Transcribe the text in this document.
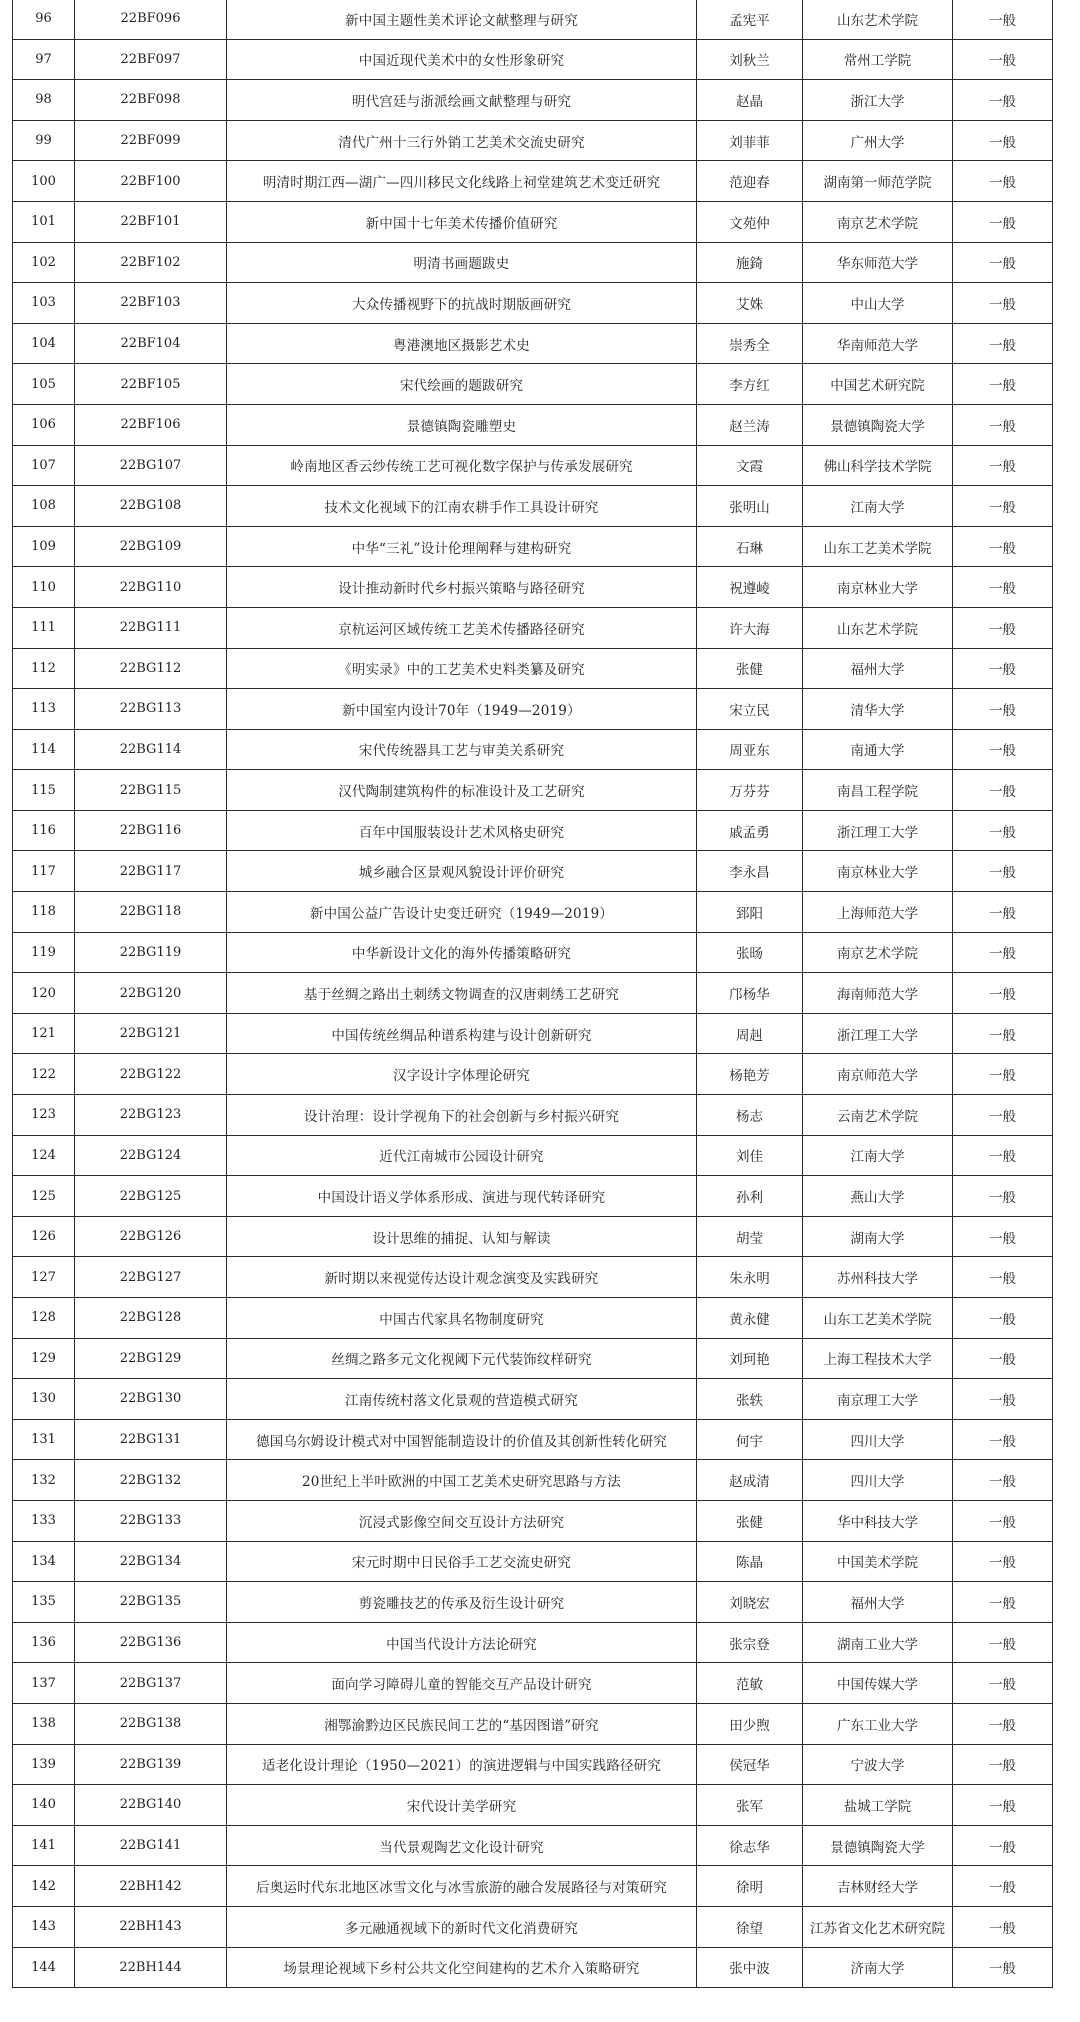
96	22BF096	新中国主题性美术评论文献整理与研究	孟宪平	山东艺术学院	一般
97	22BF097	中国近现代美术中的女性形象研究	刘秋兰	常州工学院	一般
98	22BF098	明代宫廷与浙派绘画文献整理与研究	赵晶	浙江大学	一般
99	22BF099	清代广州十三行外销工艺美术交流史研究	刘菲菲	广州大学	一般
100	22BF100	明清时期江西—湖广—四川移民文化线路上祠堂建筑艺术变迁研究	范迎春	湖南第一师范学院	一般
101	22BF101	新中国十七年美术传播价值研究	文苑仲	南京艺术学院	一般
102	22BF102	明清书画题跋史	施錡	华东师范大学	一般
103	22BF103	大众传播视野下的抗战时期版画研究	艾姝	中山大学	一般
104	22BF104	粤港澳地区摄影艺术史	崇秀全	华南师范大学	一般
105	22BF105	宋代绘画的题跋研究	李方红	中国艺术研究院	一般
106	22BF106	景德镇陶瓷雕塑史	赵兰涛	景德镇陶瓷大学	一般
107	22BG107	岭南地区香云纱传统工艺可视化数字保护与传承发展研究	文霞	佛山科学技术学院	一般
108	22BG108	技术文化视域下的江南农耕手作工具设计研究	张明山	江南大学	一般
109	22BG109	中华“三礼”设计伦理阐释与建构研究	石琳	山东工艺美术学院	一般
110	22BG110	设计推动新时代乡村振兴策略与路径研究	祝遵崚	南京林业大学	一般
111	22BG111	京杭运河区域传统工艺美术传播路径研究	许大海	山东艺术学院	一般
112	22BG112	《明实录》中的工艺美术史料类纂及研究	张健	福州大学	一般
113	22BG113	新中国室内设计70年（1949—2019）	宋立民	清华大学	一般
114	22BG114	宋代传统器具工艺与审美关系研究	周亚东	南通大学	一般
115	22BG115	汉代陶制建筑构件的标准设计及工艺研究	万芬芬	南昌工程学院	一般
116	22BG116	百年中国服装设计艺术风格史研究	戚孟勇	浙江理工大学	一般
117	22BG117	城乡融合区景观风貌设计评价研究	李永昌	南京林业大学	一般
118	22BG118	新中国公益广告设计史变迁研究（1949—2019）	郅阳	上海师范大学	一般
119	22BG119	中华新设计文化的海外传播策略研究	张旸	南京艺术学院	一般
120	22BG120	基于丝绸之路出土刺绣文物调查的汉唐刺绣工艺研究	邝杨华	海南师范大学	一般
121	22BG121	中国传统丝绸品种谱系构建与设计创新研究	周赳	浙江理工大学	一般
122	22BG122	汉字设计字体理论研究	杨艳芳	南京师范大学	一般
123	22BG123	设计治理：设计学视角下的社会创新与乡村振兴研究	杨志	云南艺术学院	一般
124	22BG124	近代江南城市公园设计研究	刘佳	江南大学	一般
125	22BG125	中国设计语义学体系形成、演进与现代转译研究	孙利	燕山大学	一般
126	22BG126	设计思维的捕捉、认知与解读	胡莹	湖南大学	一般
127	22BG127	新时期以来视觉传达设计观念演变及实践研究	朱永明	苏州科技大学	一般
128	22BG128	中国古代家具名物制度研究	黄永健	山东工艺美术学院	一般
129	22BG129	丝绸之路多元文化视阈下元代装饰纹样研究	刘珂艳	上海工程技术大学	一般
130	22BG130	江南传统村落文化景观的营造模式研究	张轶	南京理工大学	一般
131	22BG131	德国乌尔姆设计模式对中国智能制造设计的价值及其创新性转化研究	何宇	四川大学	一般
132	22BG132	20世纪上半叶欧洲的中国工艺美术史研究思路与方法	赵成清	四川大学	一般
133	22BG133	沉浸式影像空间交互设计方法研究	张健	华中科技大学	一般
134	22BG134	宋元时期中日民俗手工艺交流史研究	陈晶	中国美术学院	一般
135	22BG135	剪瓷雕技艺的传承及衍生设计研究	刘晓宏	福州大学	一般
136	22BG136	中国当代设计方法论研究	张宗登	湖南工业大学	一般
137	22BG137	面向学习障碍儿童的智能交互产品设计研究	范敏	中国传媒大学	一般
138	22BG138	湘鄂渝黔边区民族民间工艺的“基因图谱”研究	田少煦	广东工业大学	一般
139	22BG139	适老化设计理论（1950—2021）的演进逻辑与中国实践路径研究	侯冠华	宁波大学	一般
140	22BG140	宋代设计美学研究	张军	盐城工学院	一般
141	22BG141	当代景观陶艺文化设计研究	徐志华	景德镇陶瓷大学	一般
142	22BH142	后奥运时代东北地区冰雪文化与冰雪旅游的融合发展路径与对策研究	徐明	吉林财经大学	一般
143	22BH143	多元融通视域下的新时代文化消费研究	徐望	江苏省文化艺术研究院	一般
144	22BH144	场景理论视域下乡村公共文化空间建构的艺术介入策略研究	张中波	济南大学	一般
